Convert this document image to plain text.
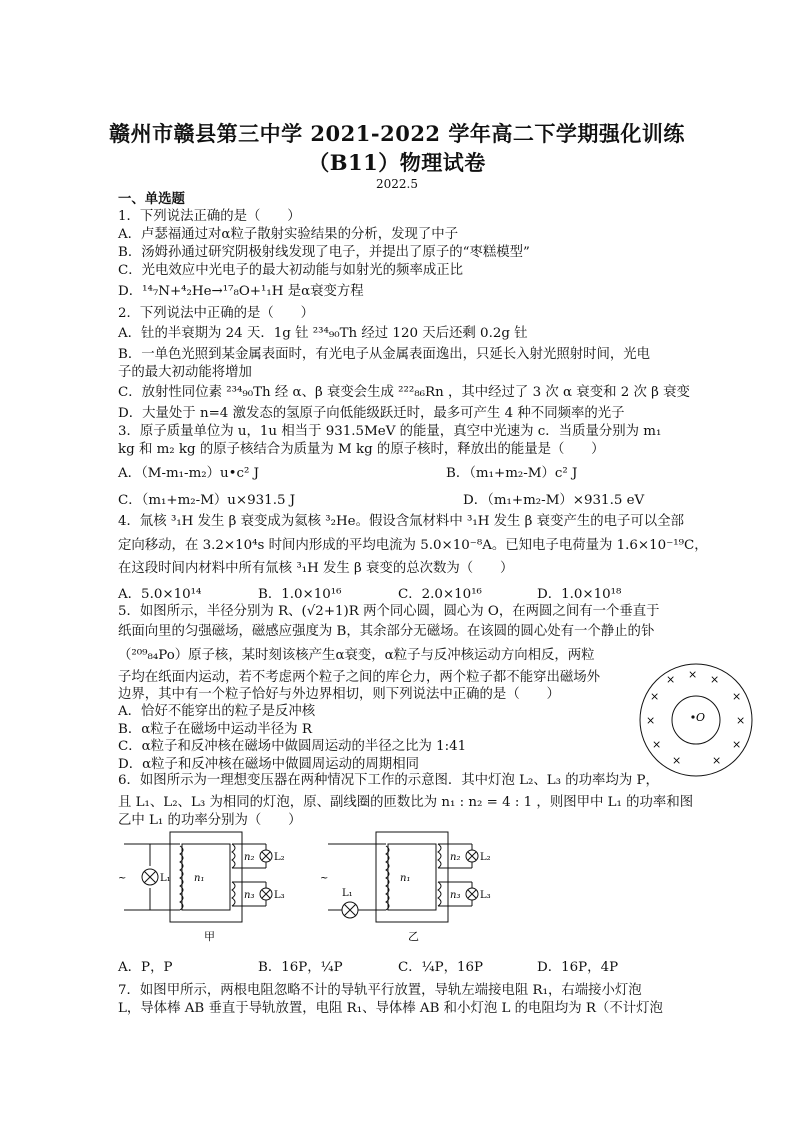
赣州市赣县第三中学 2021-2022 学年高二下学期强化训练
（B11）物理试卷
2022.5
一、单选题
1．下列说法正确的是（　　）
A．卢瑟福通过对α粒子散射实验结果的分析，发现了中子
B．汤姆孙通过研究阴极射线发现了电子，并提出了原子的“枣糕模型”
C．光电效应中光电子的最大初动能与如射光的频率成正比
D．¹⁴₇N+⁴₂He→¹⁷₈O+¹₁H 是α衰变方程
2．下列说法中正确的是（　　）
A．钍的半衰期为 24 天．1g 钍 ²³⁴₉₀Th 经过 120 天后还剩 0.2g 钍
B．一单色光照到某金属表面时，有光电子从金属表面逸出，只延长入射光照射时间，光电
子的最大初动能将增加
C．放射性同位素 ²³⁴₉₀Th 经 α、β 衰变会生成 ²²²₈₆Rn ，其中经过了 3 次 α 衰变和 2 次 β 衰变
D．大量处于 n=4 激发态的氢原子向低能级跃迁时，最多可产生 4 种不同频率的光子
3．原子质量单位为 u，1u 相当于 931.5MeV 的能量，真空中光速为 c．当质量分别为 m₁
kg 和 m₂ kg 的原子核结合为质量为 M kg 的原子核时，释放出的能量是（　　）
A．（M-m₁-m₂）u•c² J	B．（m₁+m₂-M）c² J
C．（m₁+m₂-M）u×931.5 J	D．（m₁+m₂-M）×931.5 eV
4．氚核 ³₁H 发生 β 衰变成为氦核 ³₂He。假设含氚材料中 ³₁H 发生 β 衰变产生的电子可以全部
定向移动，在 3.2×10⁴s 时间内形成的平均电流为 5.0×10⁻⁸A。已知电子电荷量为 1.6×10⁻¹⁹C，
在这段时间内材料中所有氚核 ³₁H 发生 β 衰变的总次数为（　　）
A．5.0×10¹⁴	B．1.0×10¹⁶	C．2.0×10¹⁶	D．1.0×10¹⁸
5．如图所示，半径分别为 R、(√2+1)R 两个同心圆，圆心为 O，在两圆之间有一个垂直于
纸面向里的匀强磁场，磁感应强度为 B，其余部分无磁场。在该圆的圆心处有一个静止的钋
（²⁰⁹₈₄Po）原子核，某时刻该核产生α衰变，α粒子与反冲核运动方向相反，两粒
子均在纸面内运动，若不考虑两个粒子之间的库仑力，两个粒子都不能穿出磁场外
边界，其中有一个粒子恰好与外边界相切，则下列说法中正确的是（　　）
A．恰好不能穿出的粒子是反冲核
B．α粒子在磁场中运动半径为 R
C．α粒子和反冲核在磁场中做圆周运动的半径之比为 1:41
D．α粒子和反冲核在磁场中做圆周运动的周期相同
O
× × ×
×	×
×	×
×	×
×	×
6．如图所示为一理想变压器在两种情况下工作的示意图．其中灯泡 L₂、L₃ 的功率均为 P，
且 L₁、L₂、L₃ 为相同的灯泡，原、副线圈的匝数比为 n₁ : n₂ = 4 : 1 ，则图甲中 L₁ 的功率和图
乙中 L₁ 的功率分别为（　　）
~	L₁ n₁
n₂ L₂
n₃ L₃
甲
~
L₁
n₁
n₂ L₂
n₃ L₃
乙
A．P，P	B．16P，¼P	C．¼P，16P	D．16P，4P
7．如图甲所示，两根电阻忽略不计的导轨平行放置，导轨左端接电阻 R₁，右端接小灯泡
L，导体棒 AB 垂直于导轨放置，电阻 R₁、导体棒 AB 和小灯泡 L 的电阻均为 R（不计灯泡
